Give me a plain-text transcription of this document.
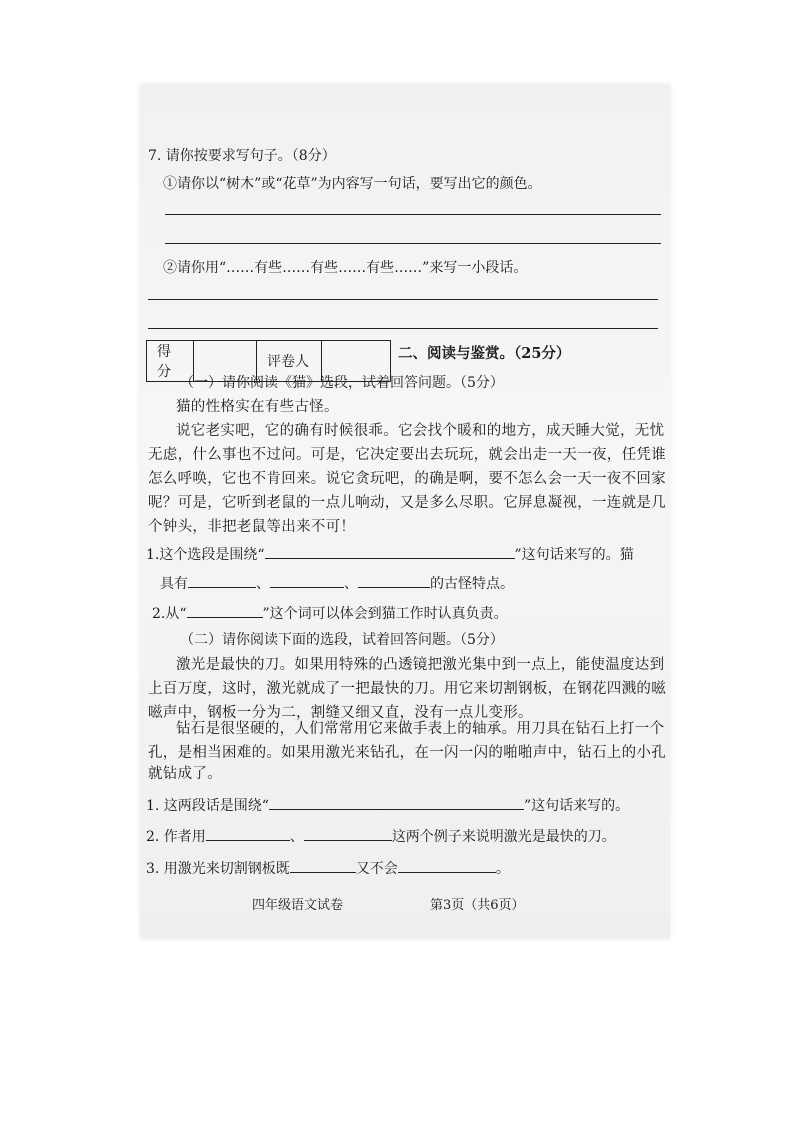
7. 请你按要求写句子。（8分）
①请你以“树木”或“花草”为内容写一句话，要写出它的颜色。
②请你用“……有些……有些……有些……”来写一小段话。
得分		评卷人		二、阅读与鉴赏。（25分）
（一）请你阅读《猫》选段，试着回答问题。（5分）
猫的性格实在有些古怪。
说它老实吧，它的确有时候很乖。它会找个暖和的地方，成天睡大觉，无忧
无虑，什么事也不过问。可是，它决定要出去玩玩，就会出走一天一夜，任凭谁
怎么呼唤，它也不肯回来。说它贪玩吧，的确是啊，要不怎么会一天一夜不回家
呢？可是，它听到老鼠的一点儿响动，又是多么尽职。它屏息凝视，一连就是几
个钟头，非把老鼠等出来不可！
1.这个选段是围绕“	”这句话来写的。猫
具有	、	、	的古怪特点。
2.从“	”这个词可以体会到猫工作时认真负责。
（二）请你阅读下面的选段，试着回答问题。（5分）
激光是最快的刀。如果用特殊的凸透镜把激光集中到一点上，能使温度达到
上百万度，这时，激光就成了一把最快的刀。用它来切割钢板，在钢花四溅的嗞
嗞声中，钢板一分为二，割缝又细又直，没有一点儿变形。
钻石是很坚硬的，人们常常用它来做手表上的轴承。用刀具在钻石上打一个
孔，是相当困难的。如果用激光来钻孔，在一闪一闪的啪啪声中，钻石上的小孔
就钻成了。
1. 这两段话是围绕“	”这句话来写的。
2. 作者用	、	这两个例子来说明激光是最快的刀。
3. 用激光来切割钢板既	又不会	。
四年级语文试卷	第3页（共6页）
